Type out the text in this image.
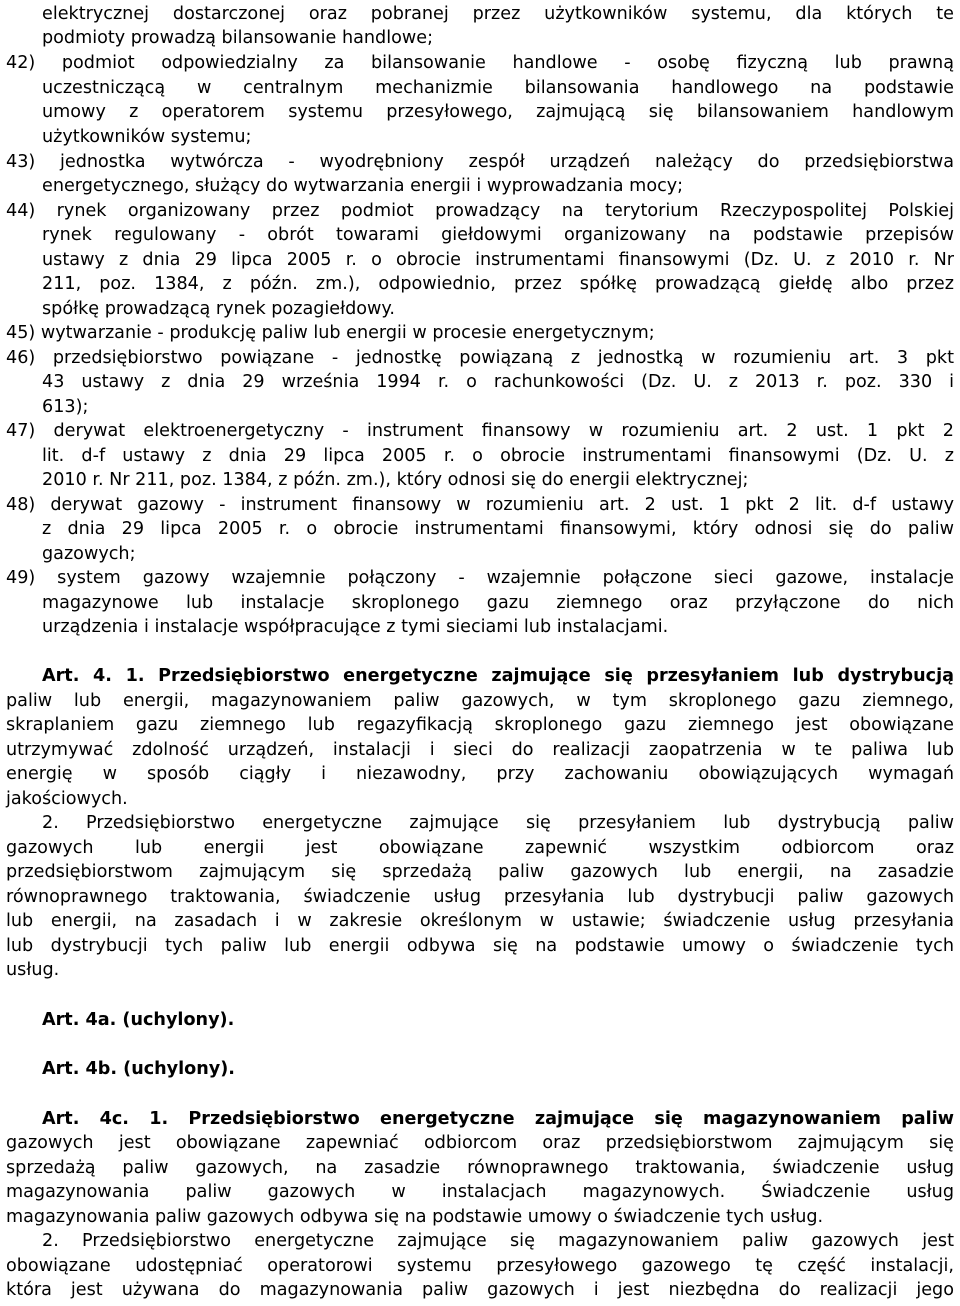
elektrycznej dostarczonej oraz pobranej przez użytkowników systemu, dla których te
podmioty prowadzą bilansowanie handlowe;
42) podmiot odpowiedzialny za bilansowanie handlowe - osobę fizyczną lub prawną
uczestniczącą w centralnym mechanizmie bilansowania handlowego na podstawie
umowy z operatorem systemu przesyłowego, zajmującą się bilansowaniem handlowym
użytkowników systemu;
43) jednostka wytwórcza - wyodrębniony zespół urządzeń należący do przedsiębiorstwa
energetycznego, służący do wytwarzania energii i wyprowadzania mocy;
44) rynek organizowany przez podmiot prowadzący na terytorium Rzeczypospolitej Polskiej
rynek regulowany - obrót towarami giełdowymi organizowany na podstawie przepisów
ustawy z dnia 29 lipca 2005 r. o obrocie instrumentami finansowymi (Dz. U. z 2010 r. Nr
211, poz. 1384, z późn. zm.), odpowiednio, przez spółkę prowadzącą giełdę albo przez
spółkę prowadzącą rynek pozagiełdowy.
45) wytwarzanie - produkcję paliw lub energii w procesie energetycznym;
46) przedsiębiorstwo powiązane - jednostkę powiązaną z jednostką w rozumieniu art. 3 pkt
43 ustawy z dnia 29 września 1994 r. o rachunkowości (Dz. U. z 2013 r. poz. 330 i
613);
47) derywat elektroenergetyczny - instrument finansowy w rozumieniu art. 2 ust. 1 pkt 2
lit. d-f ustawy z dnia 29 lipca 2005 r. o obrocie instrumentami finansowymi (Dz. U. z
2010 r. Nr 211, poz. 1384, z późn. zm.), który odnosi się do energii elektrycznej;
48) derywat gazowy - instrument finansowy w rozumieniu art. 2 ust. 1 pkt 2 lit. d-f ustawy
z dnia 29 lipca 2005 r. o obrocie instrumentami finansowymi, który odnosi się do paliw
gazowych;
49) system gazowy wzajemnie połączony - wzajemnie połączone sieci gazowe, instalacje
magazynowe lub instalacje skroplonego gazu ziemnego oraz przyłączone do nich
urządzenia i instalacje współpracujące z tymi sieciami lub instalacjami.
Art. 4. 1. Przedsiębiorstwo energetyczne zajmujące się przesyłaniem lub dystrybucją
paliw lub energii, magazynowaniem paliw gazowych, w tym skroplonego gazu ziemnego,
skraplaniem gazu ziemnego lub regazyfikacją skroplonego gazu ziemnego jest obowiązane
utrzymywać zdolność urządzeń, instalacji i sieci do realizacji zaopatrzenia w te paliwa lub
energię w sposób ciągły i niezawodny, przy zachowaniu obowiązujących wymagań
jakościowych.
2. Przedsiębiorstwo energetyczne zajmujące się przesyłaniem lub dystrybucją paliw
gazowych lub energii jest obowiązane zapewnić wszystkim odbiorcom oraz
przedsiębiorstwom zajmującym się sprzedażą paliw gazowych lub energii, na zasadzie
równoprawnego traktowania, świadczenie usług przesyłania lub dystrybucji paliw gazowych
lub energii, na zasadach i w zakresie określonym w ustawie; świadczenie usług przesyłania
lub dystrybucji tych paliw lub energii odbywa się na podstawie umowy o świadczenie tych
usług.
Art. 4a. (uchylony).
Art. 4b. (uchylony).
Art. 4c. 1. Przedsiębiorstwo energetyczne zajmujące się magazynowaniem paliw
gazowych jest obowiązane zapewniać odbiorcom oraz przedsiębiorstwom zajmującym się
sprzedażą paliw gazowych, na zasadzie równoprawnego traktowania, świadczenie usług
magazynowania paliw gazowych w instalacjach magazynowych. Świadczenie usług
magazynowania paliw gazowych odbywa się na podstawie umowy o świadczenie tych usług.
2. Przedsiębiorstwo energetyczne zajmujące się magazynowaniem paliw gazowych jest
obowiązane udostępniać operatorowi systemu przesyłowego gazowego tę część instalacji,
która jest używana do magazynowania paliw gazowych i jest niezbędna do realizacji jego
